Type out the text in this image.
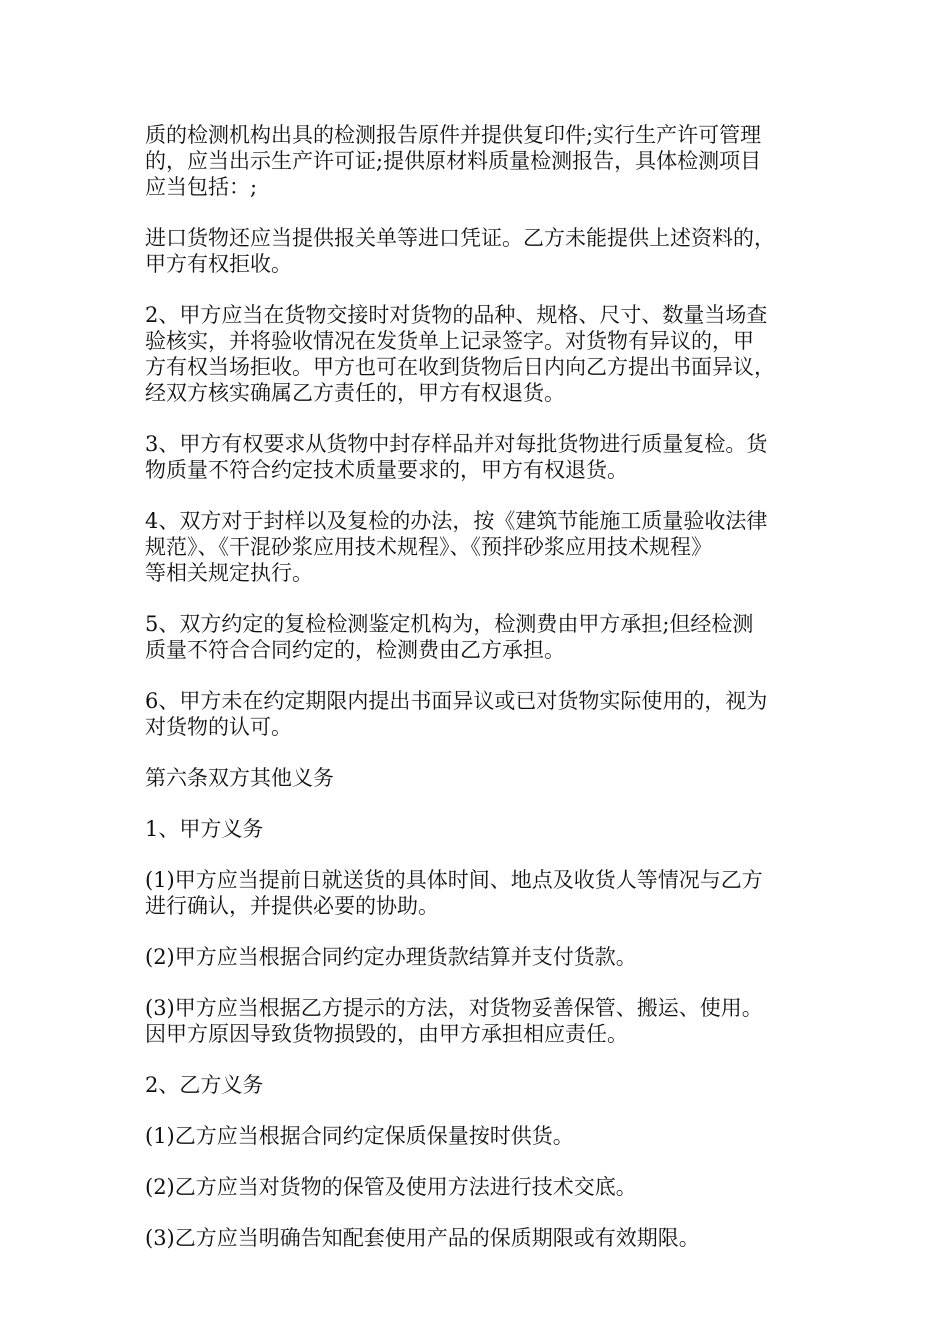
质的检测机构出具的检测报告原件并提供复印件;实行生产许可管理
的，应当出示生产许可证;提供原材料质量检测报告，具体检测项目
应当包括：;
进口货物还应当提供报关单等进口凭证。乙方未能提供上述资料的，
甲方有权拒收。
2、甲方应当在货物交接时对货物的品种、规格、尺寸、数量当场查
验核实，并将验收情况在发货单上记录签字。对货物有异议的，甲
方有权当场拒收。甲方也可在收到货物后日内向乙方提出书面异议，
经双方核实确属乙方责任的，甲方有权退货。
3、甲方有权要求从货物中封存样品并对每批货物进行质量复检。货
物质量不符合约定技术质量要求的，甲方有权退货。
4、双方对于封样以及复检的办法，按《建筑节能施工质量验收法律
规范》、《干混砂浆应用技术规程》、《预拌砂浆应用技术规程》
等相关规定执行。
5、双方约定的复检检测鉴定机构为，检测费由甲方承担;但经检测
质量不符合合同约定的，检测费由乙方承担。
6、甲方未在约定期限内提出书面异议或已对货物实际使用的，视为
对货物的认可。
第六条双方其他义务
1、甲方义务
(1)甲方应当提前日就送货的具体时间、地点及收货人等情况与乙方
进行确认，并提供必要的协助。
(2)甲方应当根据合同约定办理货款结算并支付货款。
(3)甲方应当根据乙方提示的方法，对货物妥善保管、搬运、使用。
因甲方原因导致货物损毁的，由甲方承担相应责任。
2、乙方义务
(1)乙方应当根据合同约定保质保量按时供货。
(2)乙方应当对货物的保管及使用方法进行技术交底。
(3)乙方应当明确告知配套使用产品的保质期限或有效期限。
